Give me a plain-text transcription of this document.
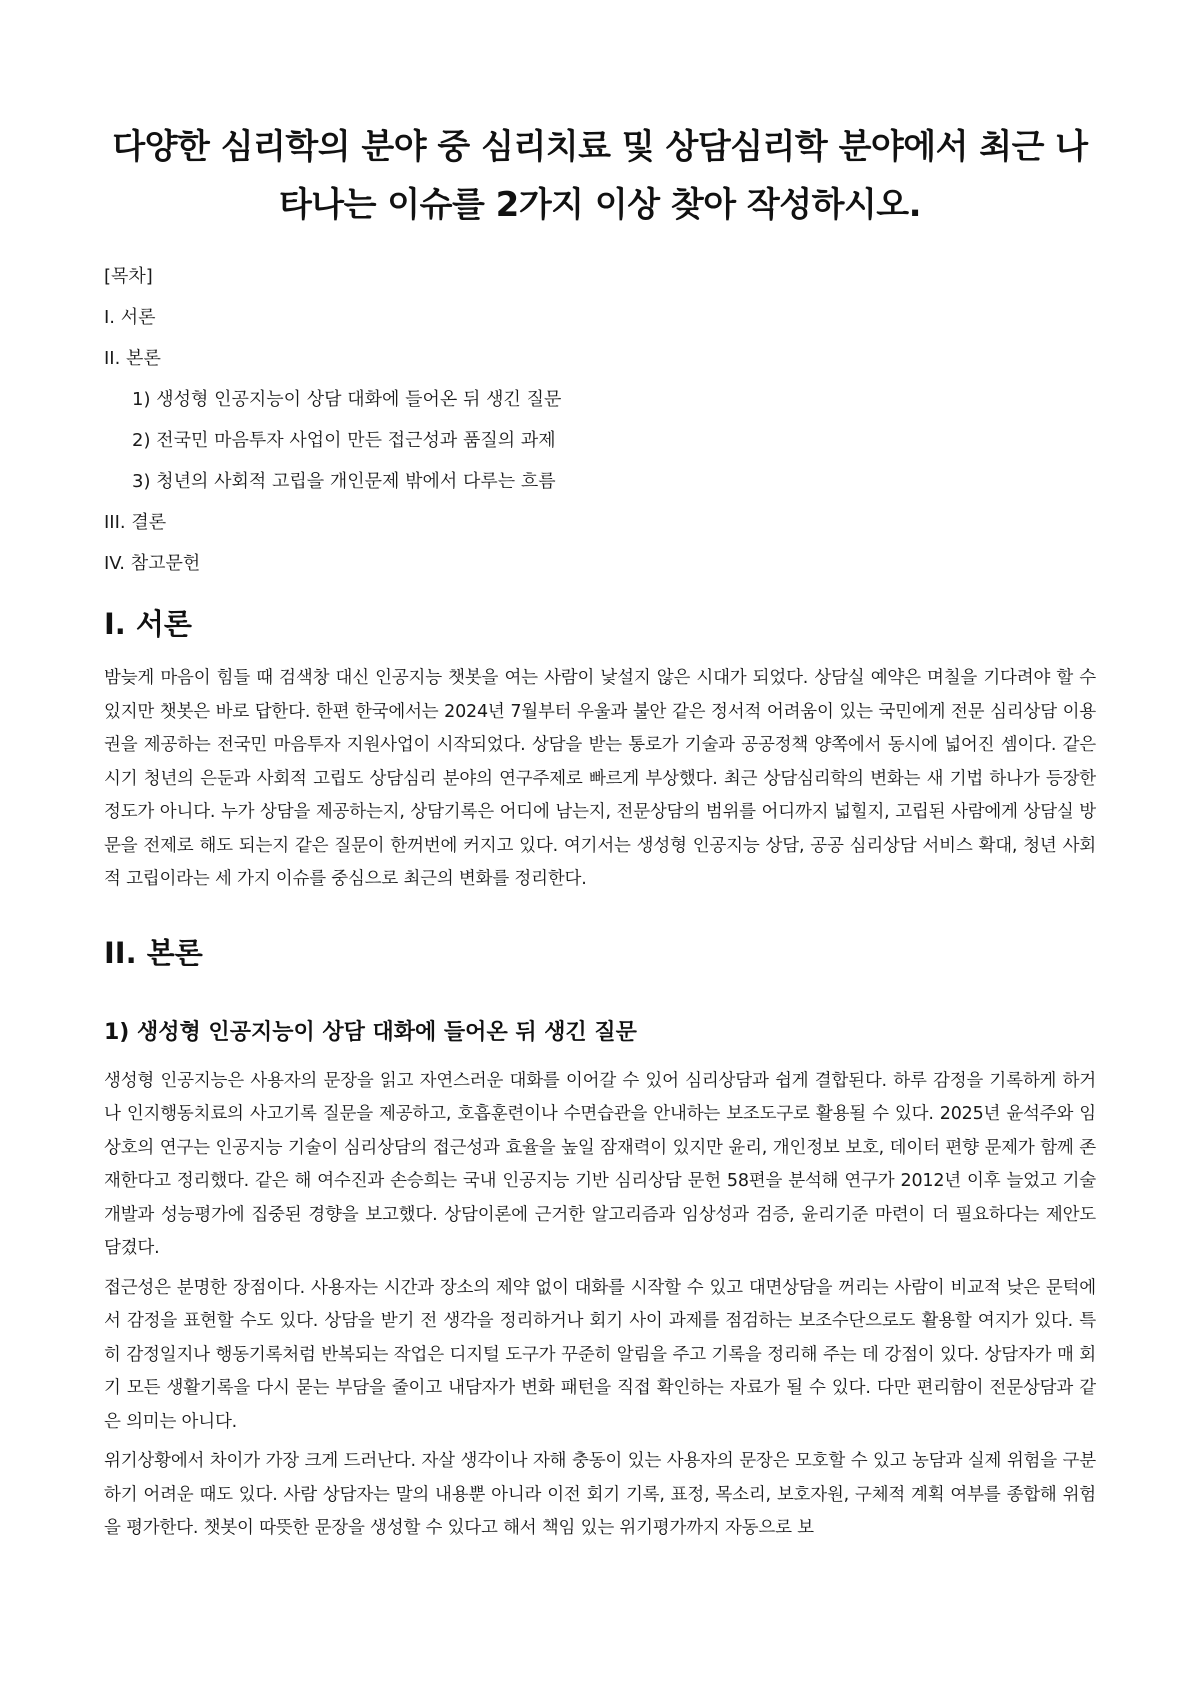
다양한 심리학의 분야 중 심리치료 및 상담심리학 분야에서 최근 나타나는 이슈를 2가지 이상 찾아 작성하시오.
[목차]
I. 서론
II. 본론
1) 생성형 인공지능이 상담 대화에 들어온 뒤 생긴 질문
2) 전국민 마음투자 사업이 만든 접근성과 품질의 과제
3) 청년의 사회적 고립을 개인문제 밖에서 다루는 흐름
III. 결론
IV. 참고문헌
I. 서론

밤늦게 마음이 힘들 때 검색창 대신 인공지능 챗봇을 여는 사람이 낯설지 않은 시대가 되었다. 상담실 예약은 며칠을 기다려야 할 수 있지만 챗봇은 바로 답한다. 한편 한국에서는 2024년 7월부터 우울과 불안 같은 정서적 어려움이 있는 국민에게 전문 심리상담 이용권을 제공하는 전국민 마음투자 지원사업이 시작되었다. 상담을 받는 통로가 기술과 공공정책 양쪽에서 동시에 넓어진 셈이다. 같은 시기 청년의 은둔과 사회적 고립도 상담심리 분야의 연구주제로 빠르게 부상했다. 최근 상담심리학의 변화는 새 기법 하나가 등장한 정도가 아니다. 누가 상담을 제공하는지, 상담기록은 어디에 남는지, 전문상담의 범위를 어디까지 넓힐지, 고립된 사람에게 상담실 방문을 전제로 해도 되는지 같은 질문이 한꺼번에 커지고 있다. 여기서는 생성형 인공지능 상담, 공공 심리상담 서비스 확대, 청년 사회적 고립이라는 세 가지 이슈를 중심으로 최근의 변화를 정리한다.

II. 본론
1) 생성형 인공지능이 상담 대화에 들어온 뒤 생긴 질문

생성형 인공지능은 사용자의 문장을 읽고 자연스러운 대화를 이어갈 수 있어 심리상담과 쉽게 결합된다. 하루 감정을 기록하게 하거나 인지행동치료의 사고기록 질문을 제공하고, 호흡훈련이나 수면습관을 안내하는 보조도구로 활용될 수 있다. 2025년 윤석주와 임상호의 연구는 인공지능 기술이 심리상담의 접근성과 효율을 높일 잠재력이 있지만 윤리, 개인정보 보호, 데이터 편향 문제가 함께 존재한다고 정리했다. 같은 해 여수진과 손승희는 국내 인공지능 기반 심리상담 문헌 58편을 분석해 연구가 2012년 이후 늘었고 기술 개발과 성능평가에 집중된 경향을 보고했다. 상담이론에 근거한 알고리즘과 임상성과 검증, 윤리기준 마련이 더 필요하다는 제안도 담겼다.

접근성은 분명한 장점이다. 사용자는 시간과 장소의 제약 없이 대화를 시작할 수 있고 대면상담을 꺼리는 사람이 비교적 낮은 문턱에서 감정을 표현할 수도 있다. 상담을 받기 전 생각을 정리하거나 회기 사이 과제를 점검하는 보조수단으로도 활용할 여지가 있다. 특히 감정일지나 행동기록처럼 반복되는 작업은 디지털 도구가 꾸준히 알림을 주고 기록을 정리해 주는 데 강점이 있다. 상담자가 매 회기 모든 생활기록을 다시 묻는 부담을 줄이고 내담자가 변화 패턴을 직접 확인하는 자료가 될 수 있다. 다만 편리함이 전문상담과 같은 의미는 아니다.

위기상황에서 차이가 가장 크게 드러난다. 자살 생각이나 자해 충동이 있는 사용자의 문장은 모호할 수 있고 농담과 실제 위험을 구분하기 어려운 때도 있다. 사람 상담자는 말의 내용뿐 아니라 이전 회기 기록, 표정, 목소리, 보호자원, 구체적 계획 여부를 종합해 위험을 평가한다. 챗봇이 따뜻한 문장을 생성할 수 있다고 해서 책임 있는 위기평가까지 자동으로 보
